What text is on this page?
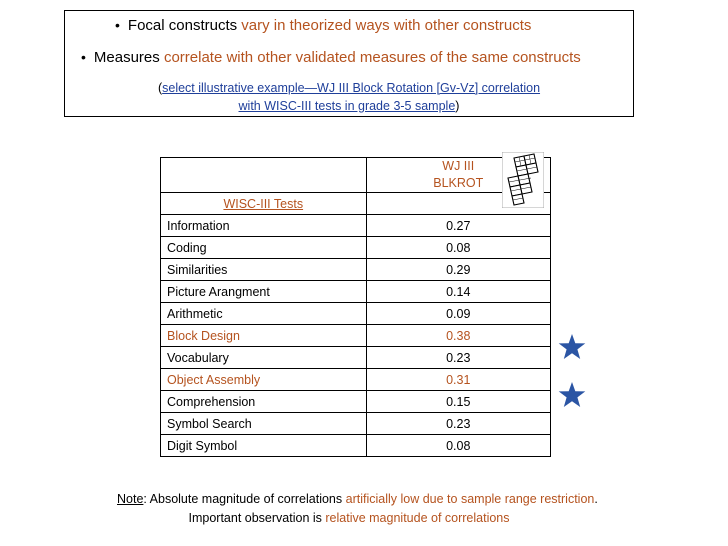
• Focal constructs vary in theorized ways with other constructs
• Measures correlate with other validated measures of the same constructs
(select illustrative example—WJ III Block Rotation [Gv-Vz] correlation
with WISC-III tests in grade 3-5 sample)

	WJ III
BLKROT

WISC-III Tests	
Information	0.27
Coding	0.08
Similarities	0.29
Picture Arangment	0.14
Arithmetic	0.09
Block Design	0.38
Vocabulary	0.23
Object Assembly	0.31
Comprehension	0.15
Symbol Search	0.23
Digit Symbol	0.08
Note: Absolute magnitude of correlations artificially low due to sample range restriction.
Important observation is relative magnitude of correlations
